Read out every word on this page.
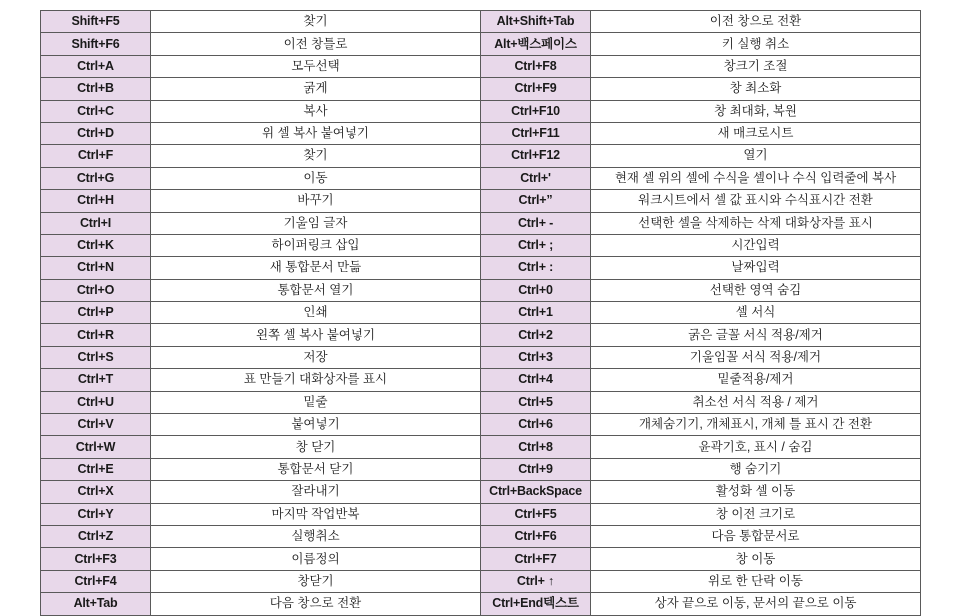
Shift+F5	찾기	Alt+Shift+Tab	이전 창으로 전환
Shift+F6	이전 창틀로	Alt+백스페이스	키 실행 취소
Ctrl+A	모두선택	Ctrl+F8	창크기 조절
Ctrl+B	굵게	Ctrl+F9	창 최소화
Ctrl+C	복사	Ctrl+F10	창 최대화, 복원
Ctrl+D	위 셀 복사 붙여넣기	Ctrl+F11	새 매크로시트
Ctrl+F	찾기	Ctrl+F12	열기
Ctrl+G	이동	Ctrl+'	현재 셀 위의 셀에 수식을 셀이나 수식 입력줄에 복사
Ctrl+H	바꾸기	Ctrl+”	워크시트에서 셀 값 표시와 수식표시간 전환
Ctrl+I	기울임 글자	Ctrl+ -	선택한 셀을 삭제하는 삭제 대화상자를 표시
Ctrl+K	하이퍼링크 삽입	Ctrl+ ;	시간입력
Ctrl+N	새 통합문서 만듦	Ctrl+ :	날짜입력
Ctrl+O	통합문서 열기	Ctrl+0	선택한 영역 숨김
Ctrl+P	인쇄	Ctrl+1	셀 서식
Ctrl+R	왼쪽 셀 복사 붙여넣기	Ctrl+2	굵은 글꼴 서식 적용/제거
Ctrl+S	저장	Ctrl+3	기울임꼴 서식 적용/제거
Ctrl+T	표 만들기 대화상자를 표시	Ctrl+4	밑줄적용/제거
Ctrl+U	밑줄	Ctrl+5	취소선 서식 적용 / 제거
Ctrl+V	붙여넣기	Ctrl+6	개체숨기기, 개체표시, 개체 틀 표시 간 전환
Ctrl+W	창 닫기	Ctrl+8	윤곽기호, 표시 / 숨김
Ctrl+E	통합문서 닫기	Ctrl+9	행 숨기기
Ctrl+X	잘라내기	Ctrl+BackSpace	활성화 셀 이동
Ctrl+Y	마지막 작업반복	Ctrl+F5	창 이전 크기로
Ctrl+Z	실행취소	Ctrl+F6	다음 통합문서로
Ctrl+F3	이름정의	Ctrl+F7	창 이동
Ctrl+F4	창닫기	Ctrl+ ↑	위로 한 단락 이동
Alt+Tab	다음 창으로 전환	Ctrl+End텍스트	상자 끝으로 이동, 문서의 끝으로 이동
